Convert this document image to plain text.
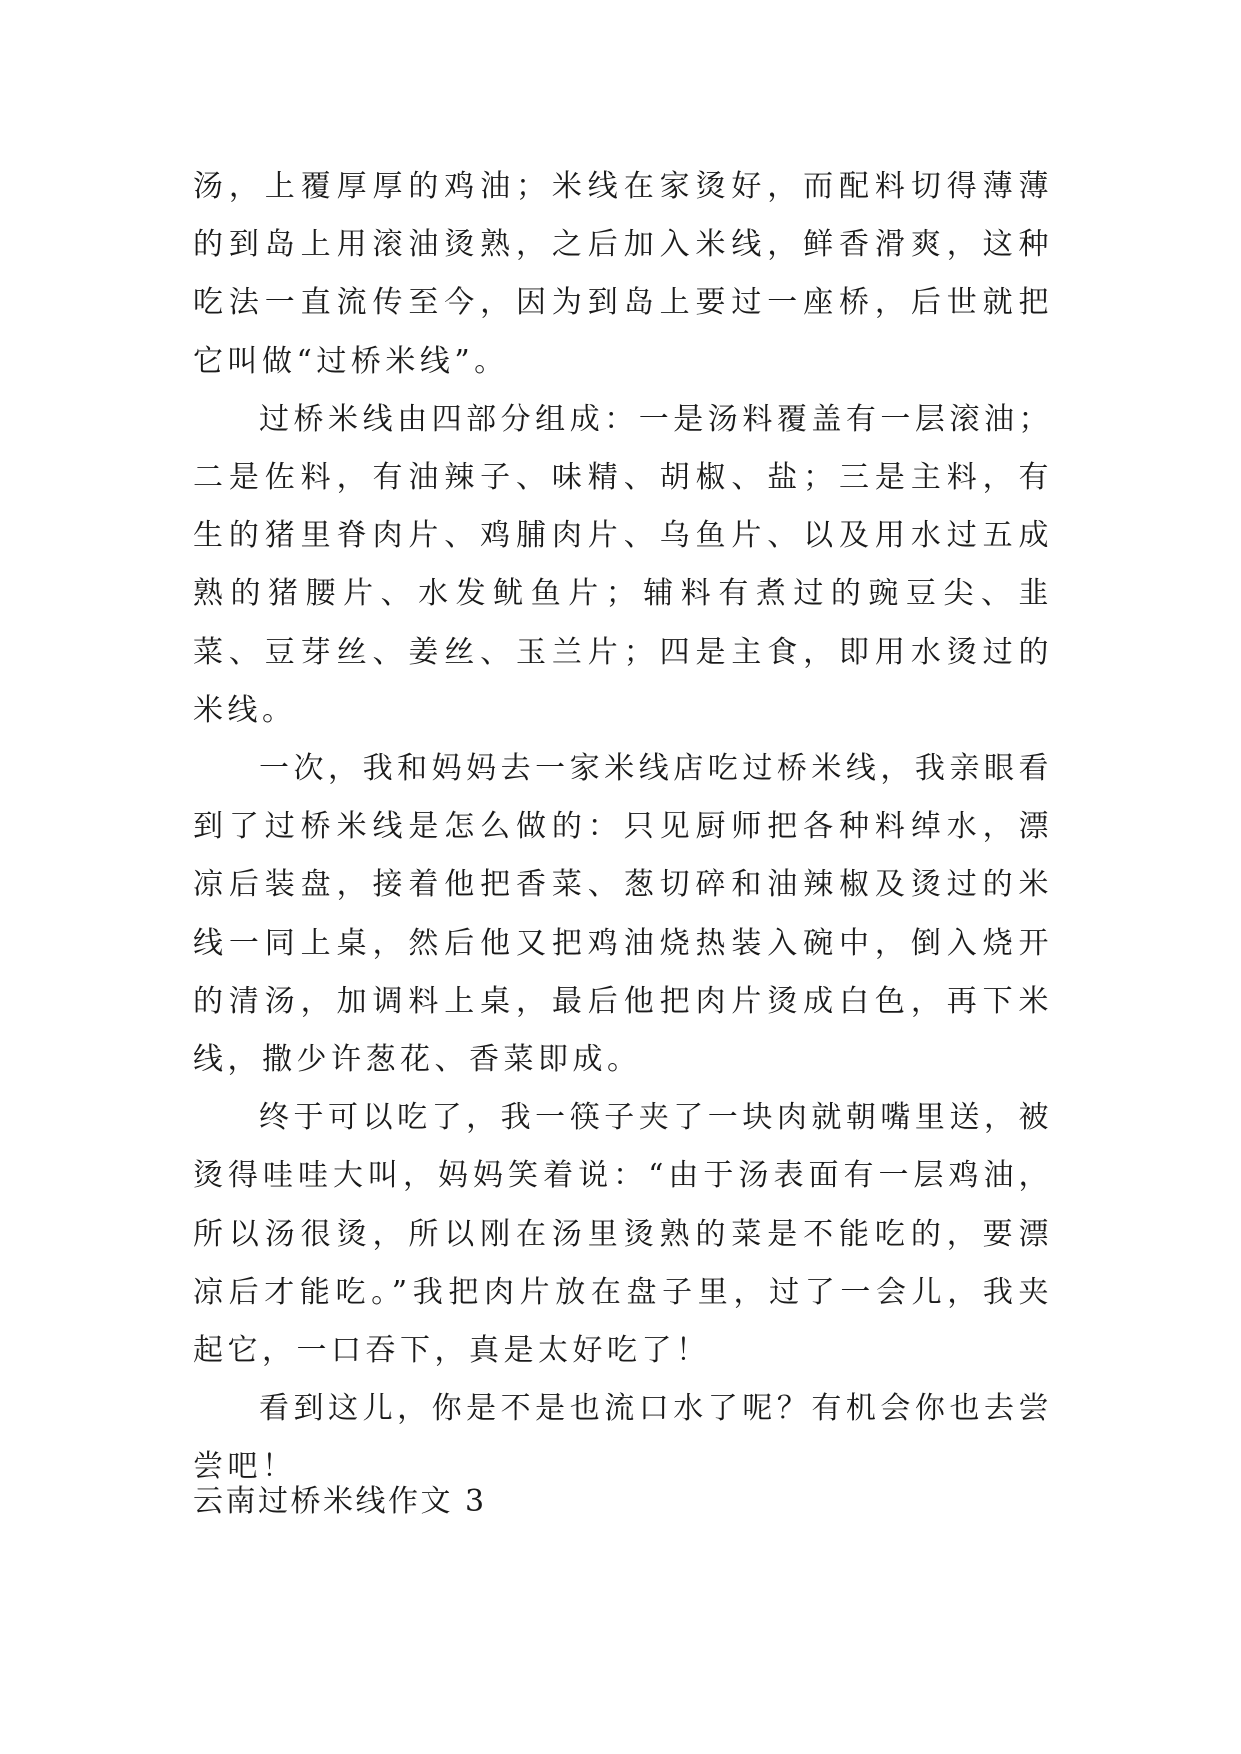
汤，上覆厚厚的鸡油；米线在家烫好，而配料切得薄薄的到岛上用滚油烫熟，之后加入米线，鲜香滑爽，这种吃法一直流传至今，因为到岛上要过一座桥，后世就把它叫做“过桥米线”。

过桥米线由四部分组成：一是汤料覆盖有一层滚油；二是佐料，有油辣子、味精、胡椒、盐；三是主料，有生的猪里脊肉片、鸡脯肉片、乌鱼片、以及用水过五成熟的猪腰片、水发鱿鱼片；辅料有煮过的豌豆尖、韭菜、豆芽丝、姜丝、玉兰片；四是主食，即用水烫过的米线。

一次，我和妈妈去一家米线店吃过桥米线，我亲眼看到了过桥米线是怎么做的：只见厨师把各种料绰水，漂凉后装盘，接着他把香菜、葱切碎和油辣椒及烫过的米线一同上桌，然后他又把鸡油烧热装入碗中，倒入烧开的清汤，加调料上桌，最后他把肉片烫成白色，再下米线，撒少许葱花、香菜即成。

终于可以吃了，我一筷子夹了一块肉就朝嘴里送，被烫得哇哇大叫，妈妈笑着说：“由于汤表面有一层鸡油，所以汤很烫，所以刚在汤里烫熟的菜是不能吃的，要漂凉后才能吃。”我把肉片放在盘子里，过了一会儿，我夹起它，一口吞下，真是太好吃了！

看到这儿，你是不是也流口水了呢？有机会你也去尝尝吧！

云南过桥米线作文 3
